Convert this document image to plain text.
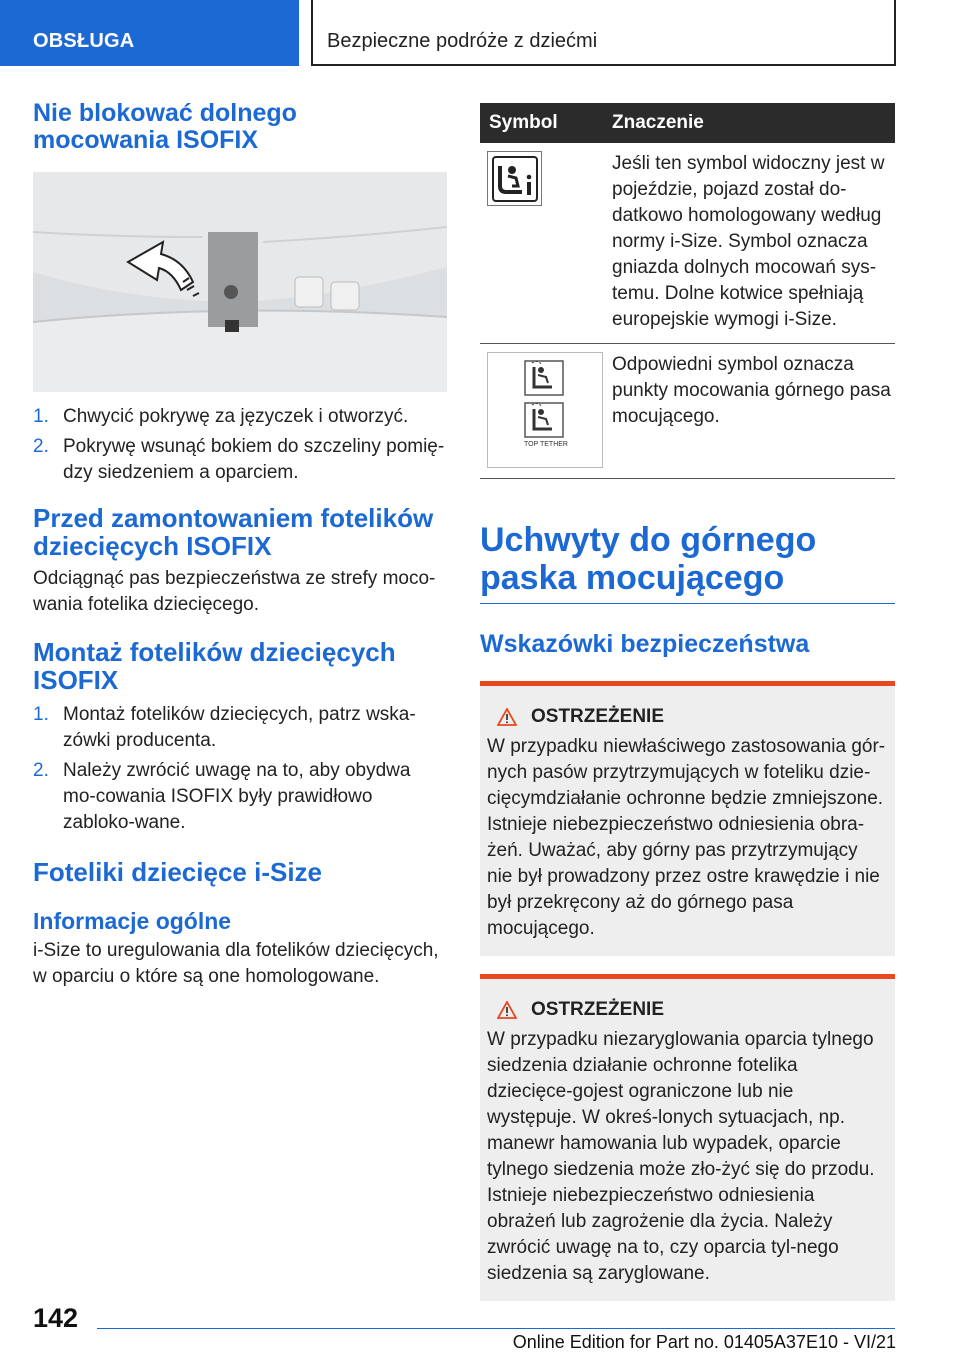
OBSŁUGA	Bezpieczne podróże z dziećmi
Nie blokować dolnego mocowania ISOFIX
1. Chwycić pokrywę za języczek i otworzyć.
2. Pokrywę wsunąć bokiem do szczeliny pomię-dzy siedzeniem a oparciem.
Przed zamontowaniem fotelików dziecięcych ISOFIX
Odciągnąć pas bezpieczeństwa ze strefy moco-wania fotelika dziecięcego.
Montaż fotelików dziecięcych ISOFIX
1. Montaż fotelików dziecięcych, patrz wska-zówki producenta.
2. Należy zwrócić uwagę na to, aby obydwa mo-cowania ISOFIX były prawidłowo zabloko-wane.
Foteliki dziecięce i-Size
Informacje ogólne
i-Size to uregulowania dla fotelików dziecięcych, w oparciu o które są one homologowane.
Symbol	Znaczenie

	Jeśli ten symbol widoczny jest w pojeździe, pojazd został do-datkowo homologowany według normy i-Size. Symbol oznacza gniazda dolnych mocowań sys-temu. Dolne kotwice spełniają europejskie wymogi i-Size.

TOP TETHER	Odpowiedni symbol oznacza punkty mocowania górnego pasa mocującego.
Uchwyty do górnego paska mocującego
Wskazówki bezpieczeństwa
OSTRZEŻENIE
W przypadku niewłaściwego zastosowania gór-nych pasów przytrzymujących w foteliku dzie-cięcymdziałanie ochronne będzie zmniejszone. Istnieje niebezpieczeństwo odniesienia obra-żeń. Uważać, aby górny pas przytrzymujący nie był prowadzony przez ostre krawędzie i nie był przekręcony aż do górnego pasa mocującego.
OSTRZEŻENIE
W przypadku niezaryglowania oparcia tylnego siedzenia działanie ochronne fotelika dziecięce-gojest ograniczone lub nie występuje. W okreś-lonych sytuacjach, np. manewr hamowania lub wypadek, oparcie tylnego siedzenia może zło-żyć się do przodu. Istnieje niebezpieczeństwo odniesienia obrażeń lub zagrożenie dla życia. Należy zwrócić uwagę na to, czy oparcia tyl-nego siedzenia są zaryglowane.
142
Online Edition for Part no. 01405A37E10 - VI/21
